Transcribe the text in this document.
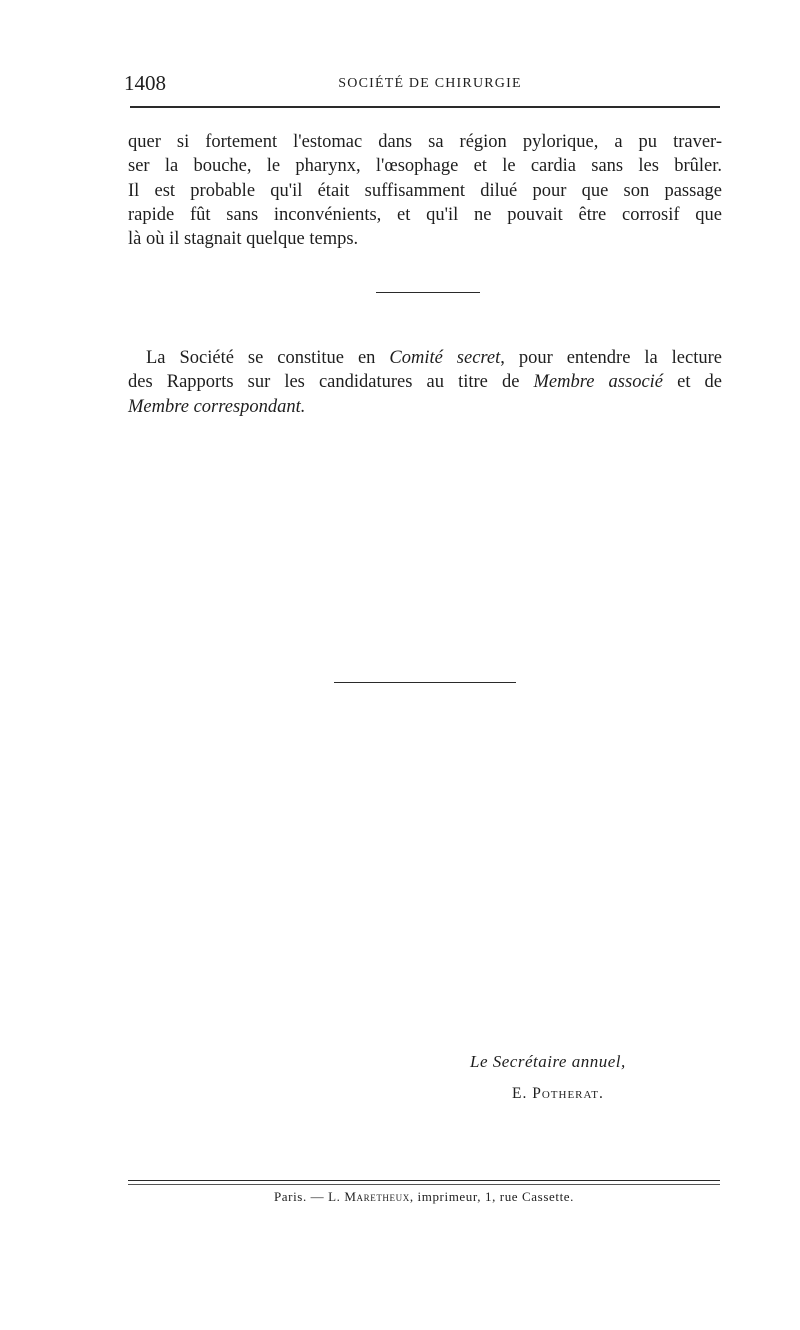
1408	SOCIÉTÉ DE CHIRURGIE
quer si fortement l'estomac dans sa région pylorique, a pu traver-
ser la bouche, le pharynx, l'œsophage et le cardia sans les brûler.
Il est probable qu'il était suffisamment dilué pour que son passage
rapide fût sans inconvénients, et qu'il ne pouvait être corrosif que
là où il stagnait quelque temps.
La Société se constitue en Comité secret, pour entendre la lecture
des Rapports sur les candidatures au titre de Membre associé et de
Membre correspondant.
Le Secrétaire annuel,
E. Potherat.
Paris. — L. Maretheux, imprimeur, 1, rue Cassette.
